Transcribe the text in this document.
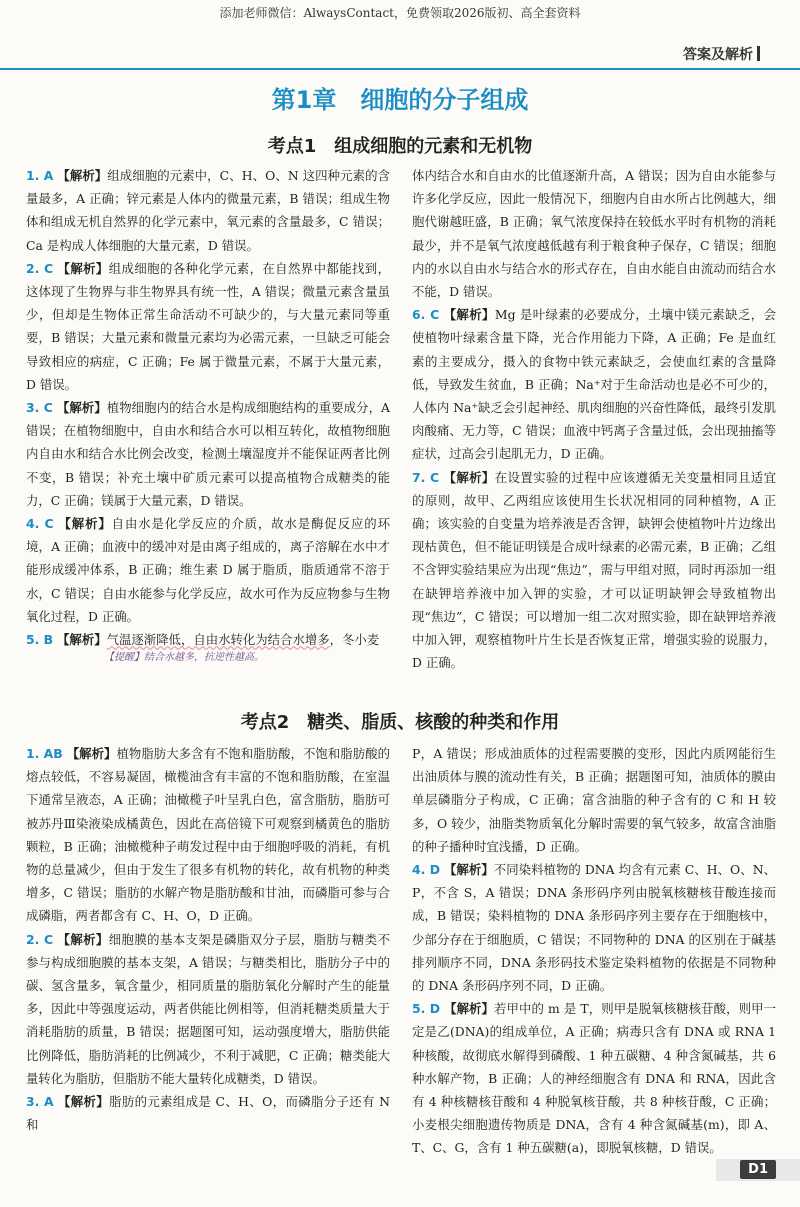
添加老师微信：AlwaysContact，免费领取2026版初、高全套资料
答案及解析
第1章　细胞的分子组成
考点1　组成细胞的元素和无机物

1. A 【解析】组成细胞的元素中，C、H、O、N 这四种元素的含量最多，A 正确；锌元素是人体内的微量元素，B 错误；组成生物体和组成无机自然界的化学元素中，氧元素的含量最多，C 错误；Ca 是构成人体细胞的大量元素，D 错误。

2. C 【解析】组成细胞的各种化学元素，在自然界中都能找到，这体现了生物界与非生物界具有统一性，A 错误；微量元素含量虽少，但却是生物体正常生命活动不可缺少的，与大量元素同等重要，B 错误；大量元素和微量元素均为必需元素，一旦缺乏可能会导致相应的病症，C 正确；Fe 属于微量元素，不属于大量元素，D 错误。

3. C 【解析】植物细胞内的结合水是构成细胞结构的重要成分，A 错误；在植物细胞中，自由水和结合水可以相互转化，故植物细胞内自由水和结合水比例会改变，检测土壤湿度并不能保证两者比例不变，B 错误；补充土壤中矿质元素可以提高植物合成糖类的能力，C 正确；镁属于大量元素，D 错误。

4. C 【解析】自由水是化学反应的介质，故水是酶促反应的环境，A 正确；血液中的缓冲对是由离子组成的，离子溶解在水中才能形成缓冲体系，B 正确；维生素 D 属于脂质，脂质通常不溶于水，C 错误；自由水能参与化学反应，故水可作为反应物参与生物氧化过程，D 正确。

5. B 【解析】气温逐渐降低，自由水转化为结合水增多，冬小麦

【提醒】结合水越多，抗逆性越高。

体内结合水和自由水的比值逐渐升高，A 错误；因为自由水能参与许多化学反应，因此一般情况下，细胞内自由水所占比例越大，细胞代谢越旺盛，B 正确；氧气浓度保持在较低水平时有机物的消耗最少，并不是氧气浓度越低越有利于粮食种子保存，C 错误；细胞内的水以自由水与结合水的形式存在，自由水能自由流动而结合水不能，D 错误。

6. C 【解析】Mg 是叶绿素的必要成分，土壤中镁元素缺乏，会使植物叶绿素含量下降，光合作用能力下降，A 正确；Fe 是血红素的主要成分，摄入的食物中铁元素缺乏，会使血红素的含量降低，导致发生贫血，B 正确；Na⁺对于生命活动也是必不可少的，人体内 Na⁺缺乏会引起神经、肌肉细胞的兴奋性降低，最终引发肌肉酸痛、无力等，C 错误；血液中钙离子含量过低，会出现抽搐等症状，过高会引起肌无力，D 正确。

7. C 【解析】在设置实验的过程中应该遵循无关变量相同且适宜的原则，故甲、乙两组应该使用生长状况相同的同种植物，A 正确；该实验的自变量为培养液是否含钾，缺钾会使植物叶片边缘出现枯黄色，但不能证明镁是合成叶绿素的必需元素，B 正确；乙组不含钾实验结果应为出现“焦边”，需与甲组对照，同时再添加一组在缺钾培养液中加入钾的实验，才可以证明缺钾会导致植物出现“焦边”，C 错误；可以增加一组二次对照实验，即在缺钾培养液中加入钾，观察植物叶片生长是否恢复正常，增强实验的说服力，D 正确。

考点2　糖类、脂质、核酸的种类和作用

1. AB 【解析】植物脂肪大多含有不饱和脂肪酸，不饱和脂肪酸的熔点较低，不容易凝固，橄榄油含有丰富的不饱和脂肪酸，在室温下通常呈液态，A 正确；油橄榄子叶呈乳白色，富含脂肪，脂肪可被苏丹Ⅲ染液染成橘黄色，因此在高倍镜下可观察到橘黄色的脂肪颗粒，B 正确；油橄榄种子萌发过程中由于细胞呼吸的消耗，有机物的总量减少，但由于发生了很多有机物的转化，故有机物的种类增多，C 错误；脂肪的水解产物是脂肪酸和甘油，而磷脂可参与合成磷脂，两者都含有 C、H、O，D 正确。

2. C 【解析】细胞膜的基本支架是磷脂双分子层，脂肪与糖类不参与构成细胞膜的基本支架，A 错误；与糖类相比，脂肪分子中的碳、氢含量多，氧含量少，相同质量的脂肪氧化分解时产生的能量多，因此中等强度运动，两者供能比例相等，但消耗糖类质量大于消耗脂肪的质量，B 错误；据题图可知，运动强度增大，脂肪供能比例降低，脂肪消耗的比例减少，不利于减肥，C 正确；糖类能大量转化为脂肪，但脂肪不能大量转化成糖类，D 错误。

3. A 【解析】脂肪的元素组成是 C、H、O，而磷脂分子还有 N 和

P，A 错误；形成油质体的过程需要膜的变形，因此内质网能衍生出油质体与膜的流动性有关，B 正确；据题图可知，油质体的膜由单层磷脂分子构成，C 正确；富含油脂的种子含有的 C 和 H 较多，O 较少，油脂类物质氧化分解时需要的氧气较多，故富含油脂的种子播种时宜浅播，D 正确。

4. D 【解析】不同染料植物的 DNA 均含有元素 C、H、O、N、P，不含 S，A 错误；DNA 条形码序列由脱氧核糖核苷酸连接而成，B 错误；染料植物的 DNA 条形码序列主要存在于细胞核中，少部分存在于细胞质，C 错误；不同物种的 DNA 的区别在于碱基排列顺序不同，DNA 条形码技术鉴定染料植物的依据是不同物种的 DNA 条形码序列不同，D 正确。

5. D 【解析】若甲中的 m 是 T，则甲是脱氧核糖核苷酸，则甲一定是乙(DNA)的组成单位，A 正确；病毒只含有 DNA 或 RNA 1 种核酸，故彻底水解得到磷酸、1 种五碳糖、4 种含氮碱基，共 6 种水解产物，B 正确；人的神经细胞含有 DNA 和 RNA，因此含有 4 种核糖核苷酸和 4 种脱氧核苷酸，共 8 种核苷酸，C 正确；小麦根尖细胞遗传物质是 DNA，含有 4 种含氮碱基(m)，即 A、T、C、G，含有 1 种五碳糖(a)，即脱氧核糖，D 错误。

D1
